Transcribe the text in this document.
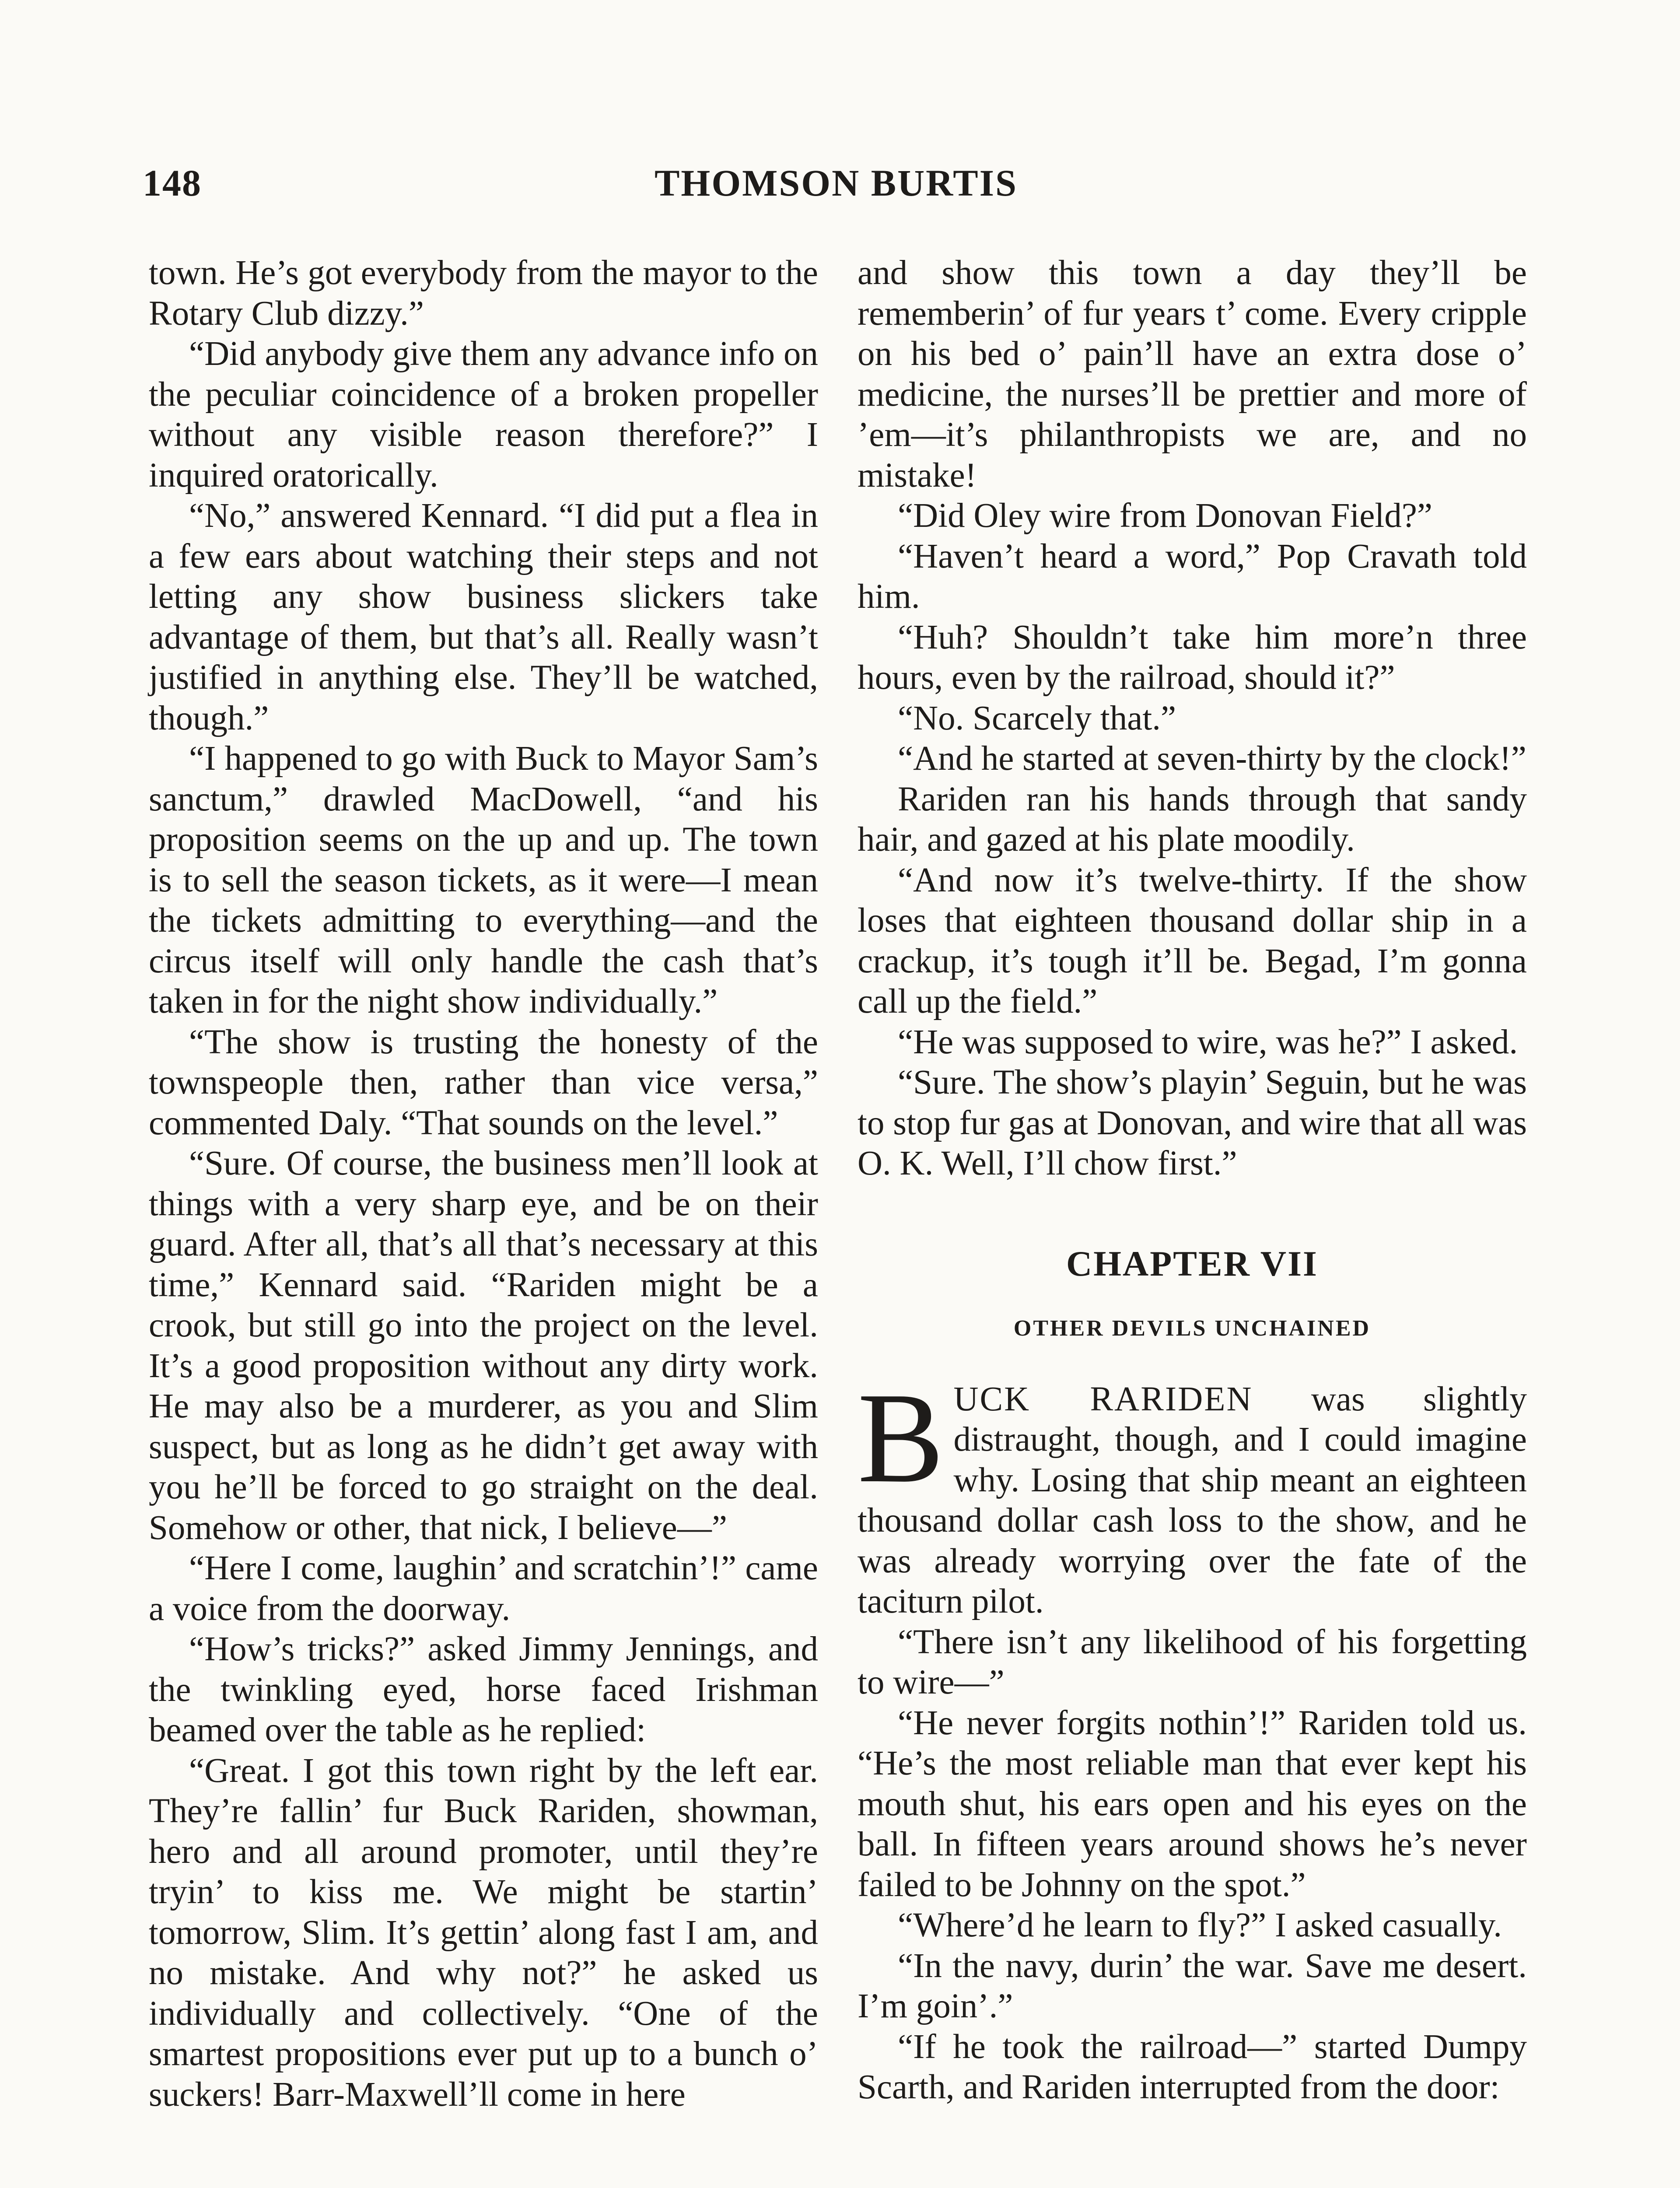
148	THOMSON BURTIS

town. He’s got everybody from the mayor to the Rotary Club dizzy.”

“Did anybody give them any advance info on the peculiar coincidence of a broken propeller without any visible reason therefore?” I inquired oratorically.

“No,” answered Kennard. “I did put a flea in a few ears about watching their steps and not letting any show business slickers take advantage of them, but that’s all. Really wasn’t justified in anything else. They’ll be watched, though.”

“I happened to go with Buck to Mayor Sam’s sanctum,” drawled MacDowell, “and his proposition seems on the up and up. The town is to sell the season tickets, as it were—I mean the tickets admitting to everything—and the circus itself will only handle the cash that’s taken in for the night show individually.”

“The show is trusting the honesty of the townspeople then, rather than vice versa,” commented Daly. “That sounds on the level.”

“Sure. Of course, the business men’ll look at things with a very sharp eye, and be on their guard. After all, that’s all that’s necessary at this time,” Kennard said. “Rariden might be a crook, but still go into the project on the level. It’s a good proposition without any dirty work. He may also be a murderer, as you and Slim suspect, but as long as he didn’t get away with you he’ll be forced to go straight on the deal. Somehow or other, that nick, I believe—”

“Here I come, laughin’ and scratchin’!” came a voice from the doorway.

“How’s tricks?” asked Jimmy Jennings, and the twinkling eyed, horse faced Irishman beamed over the table as he replied:

“Great. I got this town right by the left ear. They’re fallin’ fur Buck Rariden, showman, hero and all around promoter, until they’re tryin’ to kiss me. We might be startin’ tomorrow, Slim. It’s gettin’ along fast I am, and no mistake. And why not?” he asked us individually and collectively. “One of the smartest propositions ever put up to a bunch o’ suckers! Barr-Maxwell’ll come in here

and show this town a day they’ll be rememberin’ of fur years t’ come. Every cripple on his bed o’ pain’ll have an extra dose o’ medicine, the nurses’ll be prettier and more of ’em—it’s philanthropists we are, and no mistake!

“Did Oley wire from Donovan Field?”

“Haven’t heard a word,” Pop Cravath told him.

“Huh? Shouldn’t take him more’n three hours, even by the railroad, should it?”

“No. Scarcely that.”

“And he started at seven-thirty by the clock!”

Rariden ran his hands through that sandy hair, and gazed at his plate moodily.

“And now it’s twelve-thirty. If the show loses that eighteen thousand dollar ship in a crackup, it’s tough it’ll be. Begad, I’m gonna call up the field.”

“He was supposed to wire, was he?” I asked.

“Sure. The show’s playin’ Seguin, but he was to stop fur gas at Donovan, and wire that all was O. K. Well, I’ll chow first.”

CHAPTER VII
OTHER DEVILS UNCHAINED

BUCK RARIDEN was slightly distraught, though, and I could imagine why. Losing that ship meant an eighteen thousand dollar cash loss to the show, and he was already worrying over the fate of the taciturn pilot.

“There isn’t any likelihood of his forgetting to wire—”

“He never forgits nothin’!” Rariden told us. “He’s the most reliable man that ever kept his mouth shut, his ears open and his eyes on the ball. In fifteen years around shows he’s never failed to be Johnny on the spot.”

“Where’d he learn to fly?” I asked casually.

“In the navy, durin’ the war. Save me desert. I’m goin’.”

“If he took the railroad—” started Dumpy Scarth, and Rariden interrupted from the door:
